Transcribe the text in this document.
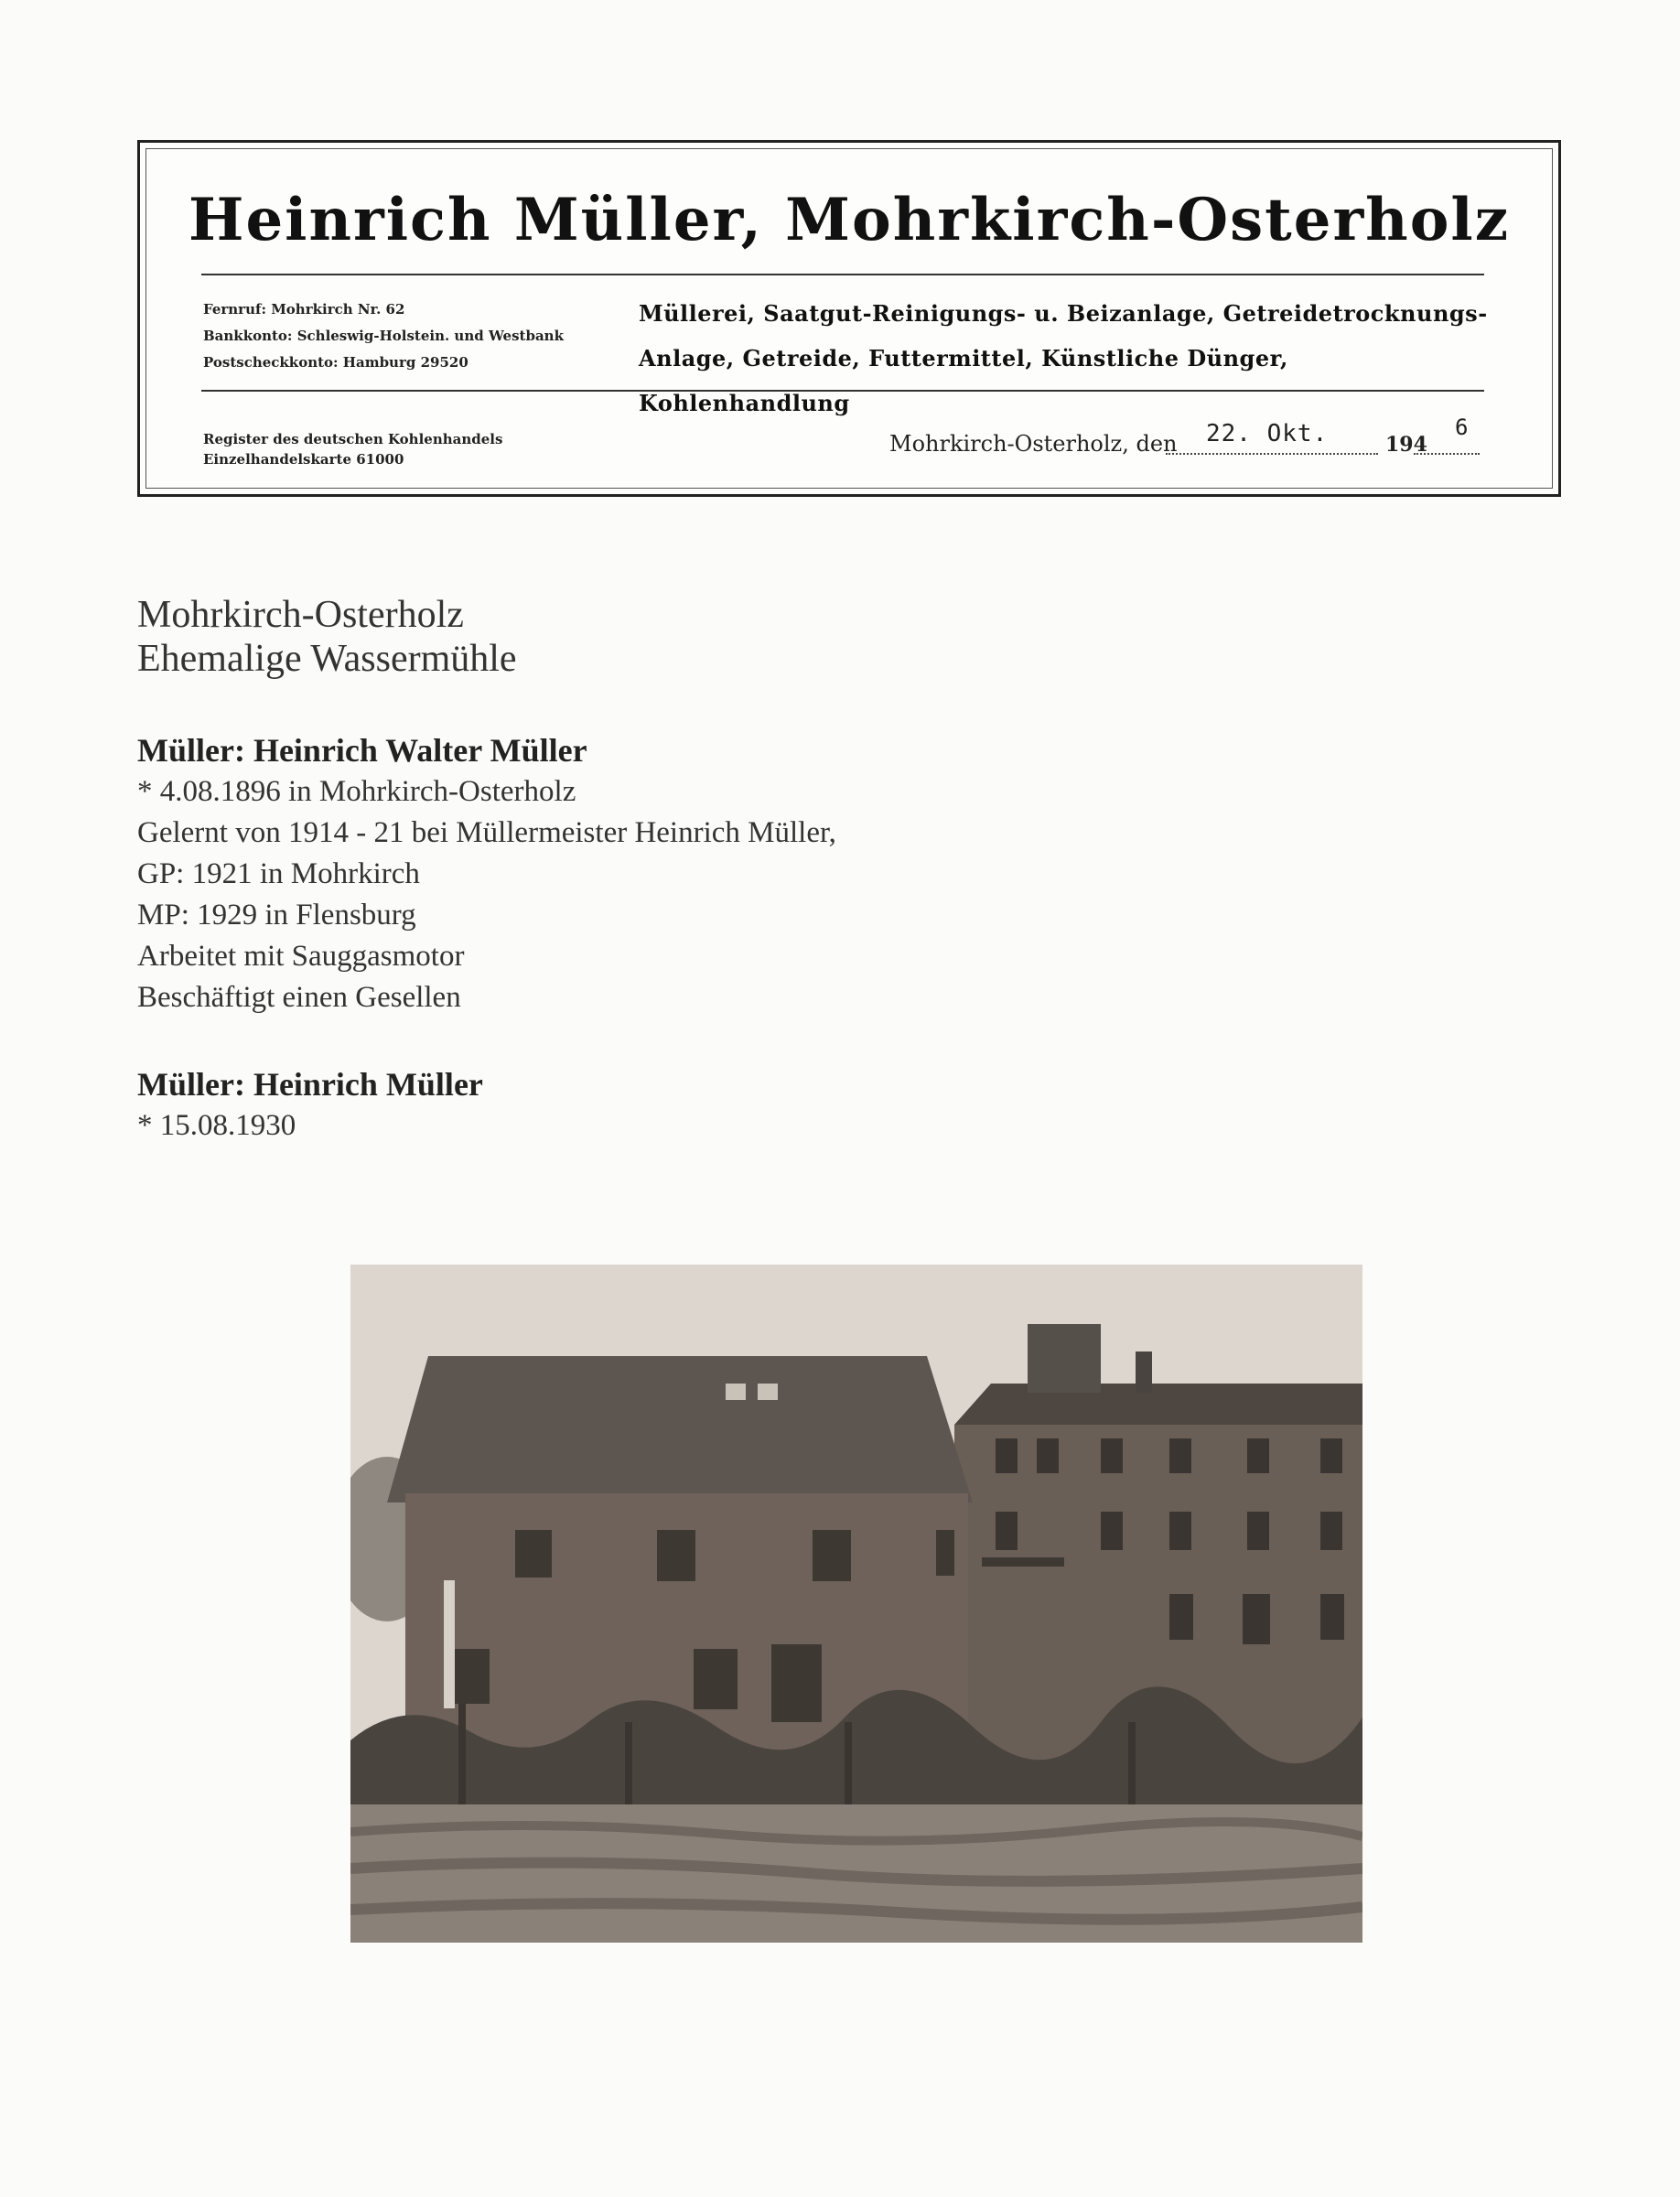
Heinrich Müller, Mohrkirch-Osterholz
Fernruf: Mohrkirch Nr. 62
Bankkonto: Schleswig-Holstein. und Westbank
Postscheckkonto: Hamburg 29520
Müllerei, Saatgut-Reinigungs- u. Beizanlage, Getreidetrocknungs-
Anlage, Getreide, Futtermittel, Künstliche Dünger, Kohlenhandlung
Register des deutschen Kohlenhandels
Einzelhandelskarte 61000
Mohrkirch-Osterholz, den 22. Okt.	194
6
Mohrkirch-Osterholz
Ehemalige Wassermühle
Müller: Heinrich Walter Müller
* 4.08.1896 in Mohrkirch-Osterholz
Gelernt von 1914 - 21 bei Müllermeister Heinrich Müller,
GP: 1921 in Mohrkirch
MP: 1929 in Flensburg
Arbeitet mit Sauggasmotor
Beschäftigt einen Gesellen
Müller: Heinrich Müller
* 15.08.1930
